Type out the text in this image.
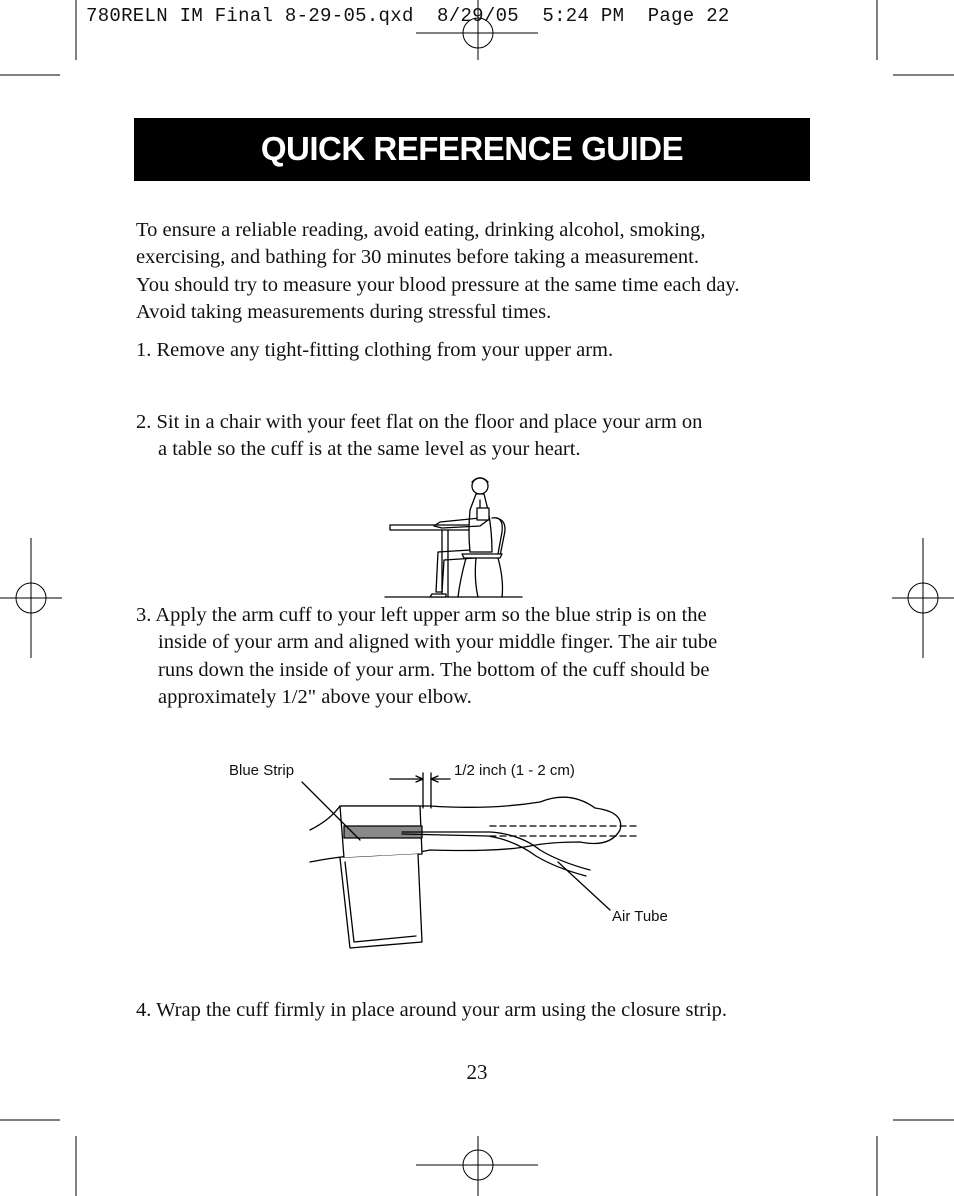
780RELN IM Final 8-29-05.qxd  8/29/05  5:24 PM  Page 22
QUICK REFERENCE GUIDE
To ensure a reliable reading, avoid eating, drinking alcohol, smoking,
exercising, and bathing for 30 minutes before taking a measurement.
You should try to measure your blood pressure at the same time each day.
Avoid taking measurements during stressful times.
1. Remove any tight-fitting clothing from your upper arm.
2. Sit in a chair with your feet flat on the floor and place your arm on
a table so the cuff is at the same level as your heart.
3. Apply the arm cuff to your left upper arm so the blue strip is on the
inside of your arm and aligned with your middle finger. The air tube
runs down the inside of your arm. The bottom of the cuff should be
approximately 1/2" above your elbow.
Blue Strip	1/2 inch (1 - 2 cm)
Air Tube
4. Wrap the cuff firmly in place around your arm using the closure strip.
23
